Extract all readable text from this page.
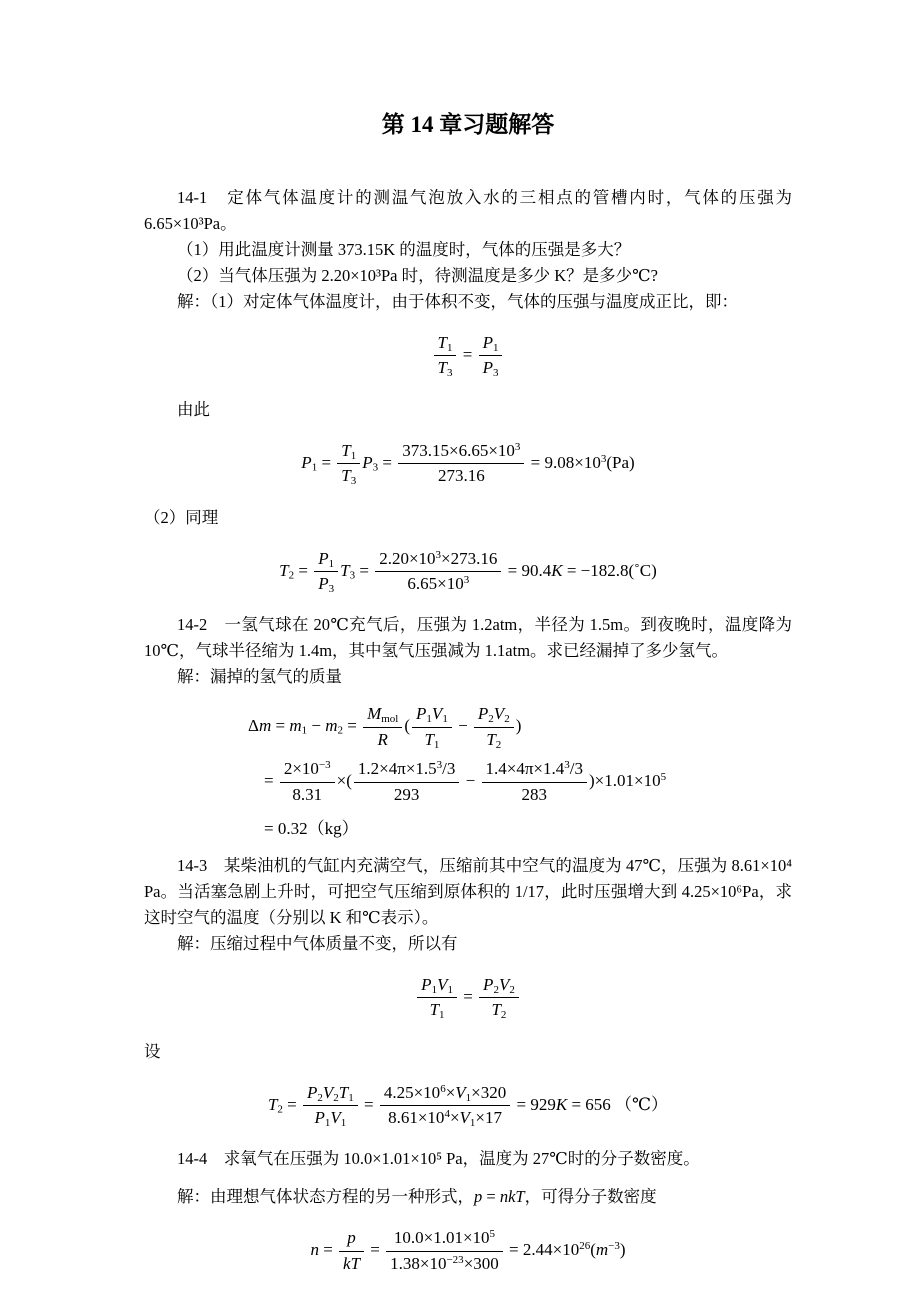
第 14 章习题解答

14-1　定体气体温度计的测温气泡放入水的三相点的管槽内时，气体的压强为6.65×10³Pa。

（1）用此温度计测量 373.15K 的温度时，气体的压强是多大？

（2）当气体压强为 2.20×10³Pa 时，待测温度是多少 K？是多少℃?

解：（1）对定体气体温度计，由于体积不变，气体的压强与温度成正比，即：

$\frac{T_1}{T_3} = \frac{P_1}{P_3}$

由此

$P_1 = \frac{T_1}{T_3} P_3 = \frac{373.15\times 6.65\times 10^3}{273.16} = 9.08\times 10^3(Pa)$

（2）同理

$T_2 = \frac{P_1}{P_3} T_3 = \frac{2.20\times 10^3\times 273.16}{6.65\times 10^3} = 90.4K$ = −182.8(˚C)

14-2　一氢气球在 20℃充气后，压强为 1.2atm，半径为 1.5m。到夜晚时，温度降为10℃，气球半径缩为 1.4m，其中氢气压强减为 1.1atm。求已经漏掉了多少氢气。

解：漏掉的氢气的质量

$\Delta m = m_1 - m_2 = \frac{M_{mol}}{R}$ ( $\frac{P_1V_1}{T_1} - \frac{P_2V_2}{T_2}$ )
= $\frac{2\times 10^{-3}}{8.31}$ ×( $\frac{1.2\times 4\pi\times 1.5^3/3}{293} - \frac{1.4\times 4\pi\times 1.4^3/3}{283} )\times 1.01\times 10^5$
= 0.32（kg）

14-3　某柴油机的气缸内充满空气，压缩前其中空气的温度为 47℃，压强为 8.61×10⁴ Pa。当活塞急剧上升时，可把空气压缩到原体积的 1/17，此时压强增大到 4.25×10⁶Pa，求这时空气的温度（分别以 K 和℃表示）。

解：压缩过程中气体质量不变，所以有

$\frac{P_1V_1}{T_1} = \frac{P_2V_2}{T_2}$

设

$T_2 = \frac{P_2V_2T_1}{P_1V_1} = \frac{4.25\times 10^6\times V_1\times 320}{8.61\times 10^4\times V_1\times 17} = 929K = 656$ （℃）

14-4　求氧气在压强为 10.0×1.01×10⁵ Pa，温度为 27℃时的分子数密度。

解：由理想气体状态方程的另一种形式，p = nkT，可得分子数密度

$n = \frac{p}{kT} = \frac{10.0\times 1.01\times 10^5}{1.38\times 10^{-23}\times 300} = 2.44\times 10^{26}(m^{-3})$
